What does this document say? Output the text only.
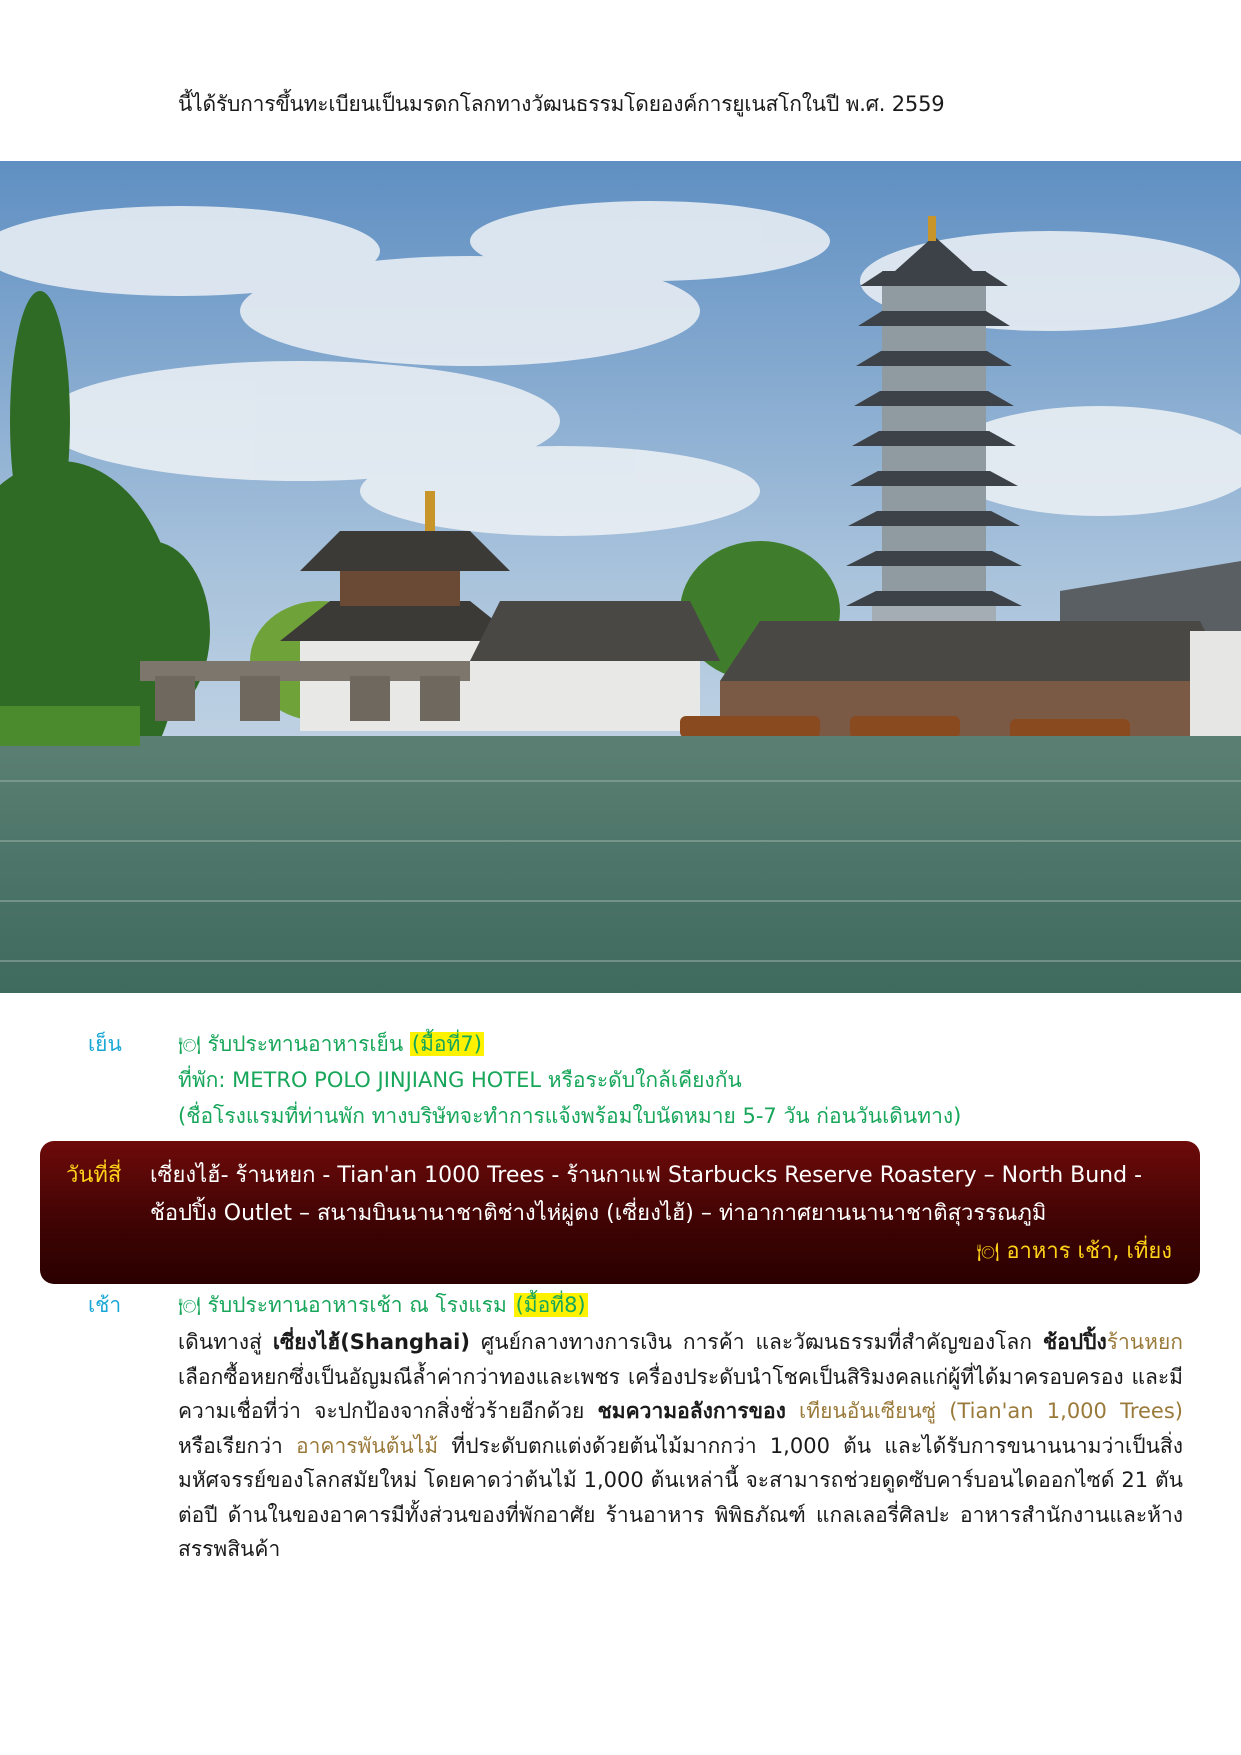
นี้ได้รับการขึ้นทะเบียนเป็นมรดกโลกทางวัฒนธรรมโดยองค์การยูเนสโกในปี พ.ศ. 2559
เย็น	🍽 รับประทานอาหารเย็น (มื้อที่7)
ที่พัก: METRO POLO JINJIANG HOTEL หรือระดับใกล้เคียงกัน
(ชื่อโรงแรมที่ท่านพัก ทางบริษัทจะทำการแจ้งพร้อมใบนัดหมาย 5-7 วัน ก่อนวันเดินทาง)
วันที่สี่ เซี่ยงไฮ้- ร้านหยก - Tian'an 1000 Trees - ร้านกาแฟ Starbucks Reserve Roastery – North Bund - ช้อปปิ้ง Outlet – สนามบินนานาชาติช่างไห่ผู่ตง (เซี่ยงไฮ้) – ท่าอากาศยานนานาชาติสุวรรณภูมิ
🍽 อาหาร เช้า, เที่ยง
เช้า	🍽 รับประทานอาหารเช้า ณ โรงแรม (มื้อที่8)
เดินทางสู่ เซี่ยงไฮ้(Shanghai) ศูนย์กลางทางการเงิน การค้า และวัฒนธรรมที่สำคัญของโลก ช้อปปิ้งร้านหยก เลือกซื้อหยกซึ่งเป็นอัญมณีล้ำค่ากว่าทองและเพชร เครื่องประดับนำโชคเป็นสิริมงคลแก่ผู้ที่ได้มาครอบครอง และมีความเชื่อที่ว่า จะปกป้องจากสิ่งชั่วร้ายอีกด้วย ชมความอลังการของ เทียนอันเซียนซู่ (Tian'an 1,000 Trees) หรือเรียกว่า อาคารพันต้นไม้ ที่ประดับตกแต่งด้วยต้นไม้มากกว่า 1,000 ต้น และได้รับการขนานนามว่าเป็นสิ่งมหัศจรรย์ของโลกสมัยใหม่ โดยคาดว่าต้นไม้ 1,000 ต้นเหล่านี้ จะสามารถช่วยดูดซับคาร์บอนไดออกไซด์ 21 ตันต่อปี ด้านในของอาคารมีทั้งส่วนของที่พักอาศัย ร้านอาหาร พิพิธภัณฑ์ แกลเลอรี่ศิลปะ อาหารสำนักงานและห้างสรรพสินค้า
